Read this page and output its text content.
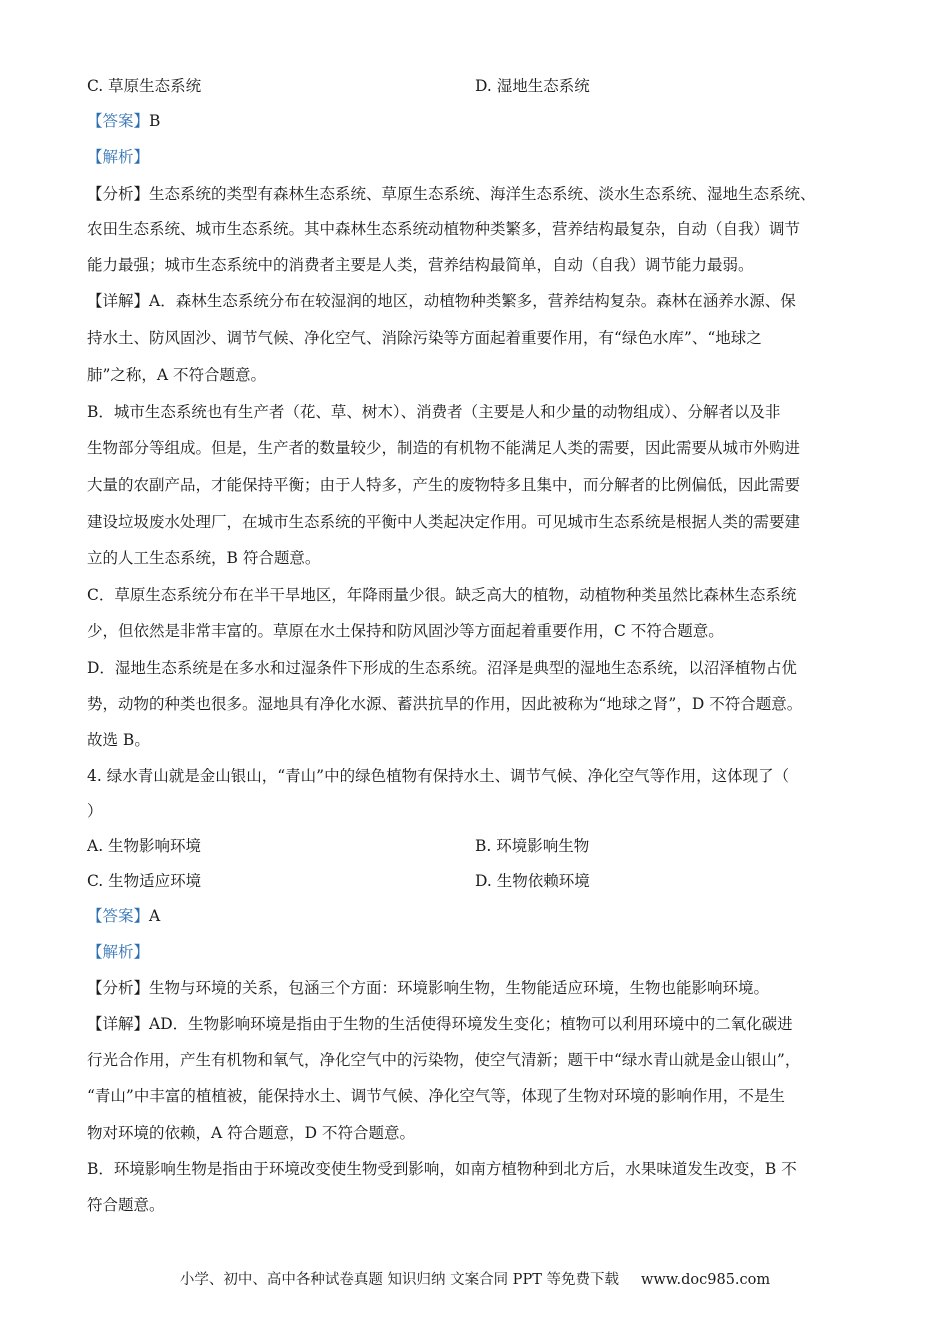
C. 草原生态系统	D. 湿地生态系统
【答案】B
【解析】
【分析】生态系统的类型有森林生态系统、草原生态系统、海洋生态系统、淡水生态系统、湿地生态系统、
农田生态系统、城市生态系统。其中森林生态系统动植物种类繁多，营养结构最复杂，自动（自我）调节
能力最强；城市生态系统中的消费者主要是人类，营养结构最简单，自动（自我）调节能力最弱。
【详解】A．森林生态系统分布在较湿润的地区，动植物种类繁多，营养结构复杂。森林在涵养水源、保
持水土、防风固沙、调节气候、净化空气、消除污染等方面起着重要作用，有“绿色水库”、“地球之
肺”之称，A 不符合题意。
B．城市生态系统也有生产者（花、草、树木）、消费者（主要是人和少量的动物组成）、分解者以及非
生物部分等组成。但是，生产者的数量较少，制造的有机物不能满足人类的需要，因此需要从城市外购进
大量的农副产品，才能保持平衡；由于人特多，产生的废物特多且集中，而分解者的比例偏低，因此需要
建设垃圾废水处理厂，在城市生态系统的平衡中人类起决定作用。可见城市生态系统是根据人类的需要建
立的人工生态系统，B 符合题意。
C．草原生态系统分布在半干旱地区，年降雨量少很。缺乏高大的植物，动植物种类虽然比森林生态系统
少，但依然是非常丰富的。草原在水土保持和防风固沙等方面起着重要作用，C 不符合题意。
D．湿地生态系统是在多水和过湿条件下形成的生态系统。沼泽是典型的湿地生态系统，以沼泽植物占优
势，动物的种类也很多。湿地具有净化水源、蓄洪抗旱的作用，因此被称为“地球之肾”，D 不符合题意。
故选 B。
4. 绿水青山就是金山银山，“青山”中的绿色植物有保持水土、调节气候、净化空气等作用，这体现了（
）
A. 生物影响环境	B. 环境影响生物
C. 生物适应环境	D. 生物依赖环境
【答案】A
【解析】
【分析】生物与环境的关系，包涵三个方面：环境影响生物，生物能适应环境，生物也能影响环境。
【详解】AD．生物影响环境是指由于生物的生活使得环境发生变化；植物可以利用环境中的二氧化碳进
行光合作用，产生有机物和氧气，净化空气中的污染物，使空气清新；题干中“绿水青山就是金山银山”，
“青山”中丰富的植植被，能保持水土、调节气候、净化空气等，体现了生物对环境的影响作用，不是生
物对环境的依赖，A 符合题意，D 不符合题意。
B．环境影响生物是指由于环境改变使生物受到影响，如南方植物种到北方后，水果味道发生改变，B 不
符合题意。
小学、初中、高中各种试卷真题 知识归纳 文案合同 PPT 等免费下载 www.doc985.com
